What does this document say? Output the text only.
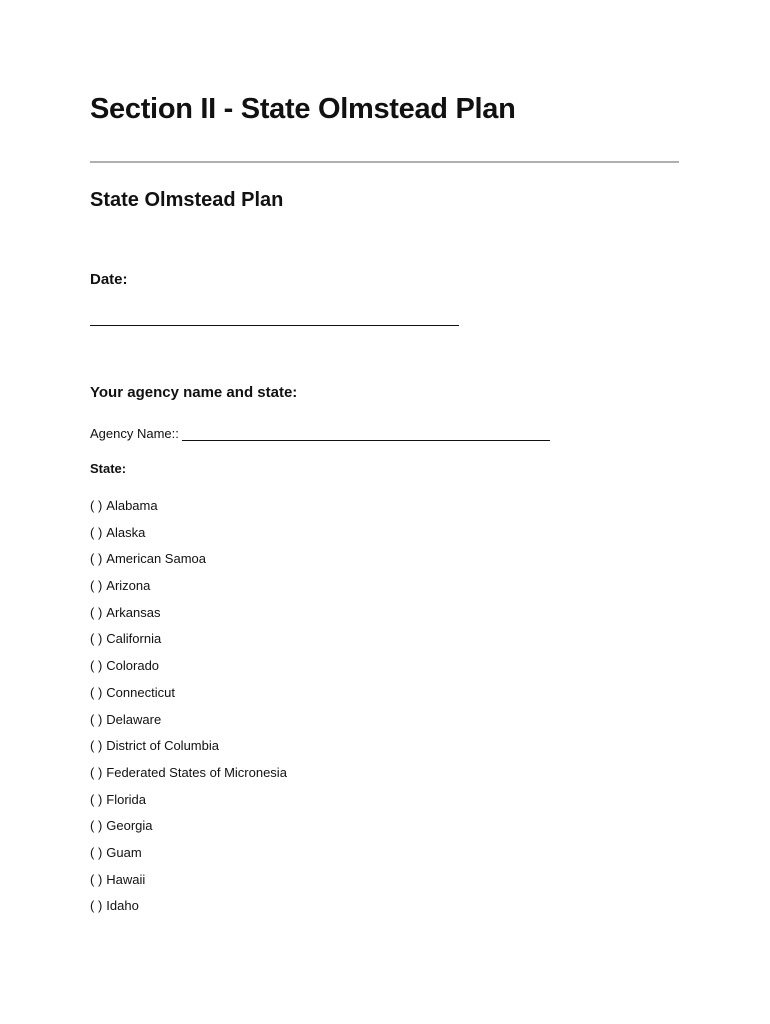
Section II - State Olmstead Plan
State Olmstead Plan
Date:
Your agency name and state:
Agency Name::
State:
( ) Alabama
( ) Alaska
( ) American Samoa
( ) Arizona
( ) Arkansas
( ) California
( ) Colorado
( ) Connecticut
( ) Delaware
( ) District of Columbia
( ) Federated States of Micronesia
( ) Florida
( ) Georgia
( ) Guam
( ) Hawaii
( ) Idaho
